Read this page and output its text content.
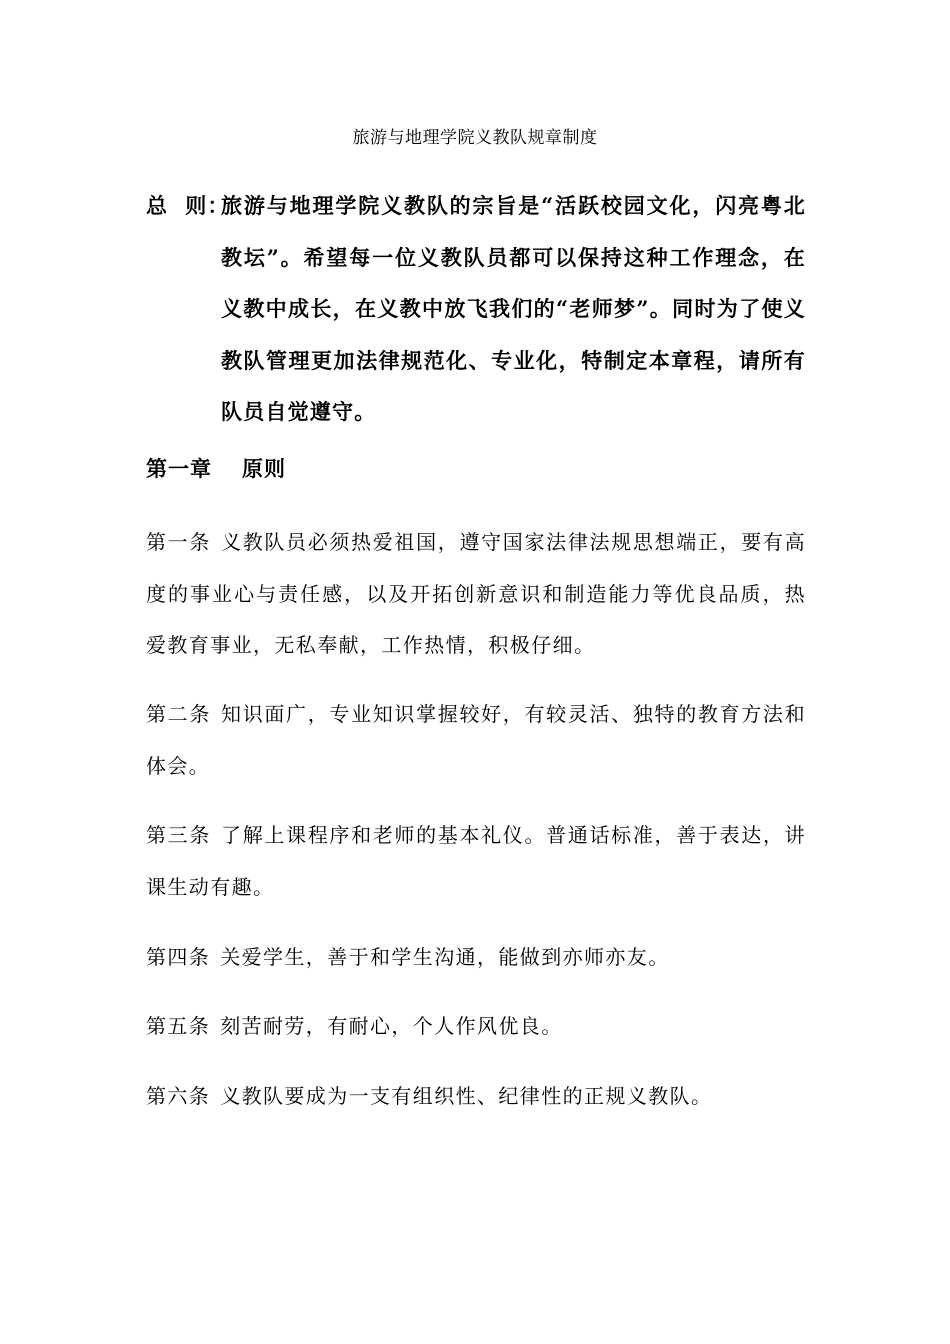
旅游与地理学院义教队规章制度
总  则：
旅游与地理学院义教队的宗旨是“活跃校园文化，闪亮粤北教坛”。希望每一位义教队员都可以保持这种工作理念，在义教中成长，在义教中放飞我们的“老师梦”。同时为了使义教队管理更加法律规范化、专业化，特制定本章程，请所有队员自觉遵守。
第一章 原则
第一条 义教队员必须热爱祖国，遵守国家法律法规思想端正，要有高度的事业心与责任感，以及开拓创新意识和制造能力等优良品质，热爱教育事业，无私奉献，工作热情，积极仔细。
第二条 知识面广，专业知识掌握较好，有较灵活、独特的教育方法和体会。
第三条 了解上课程序和老师的基本礼仪。普通话标准，善于表达，讲课生动有趣。
第四条 关爱学生，善于和学生沟通，能做到亦师亦友。
第五条 刻苦耐劳，有耐心，个人作风优良。
第六条 义教队要成为一支有组织性、纪律性的正规义教队。
